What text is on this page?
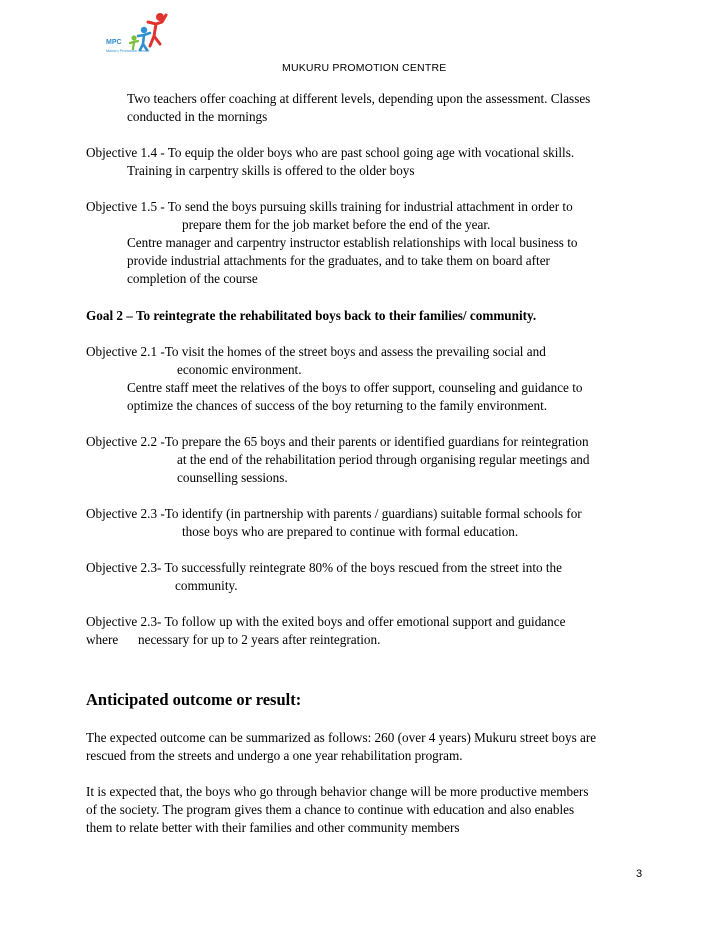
MPC
Mukuru Promotion Centre
MUKURU PROMOTION CENTRE
Two teachers offer coaching at different levels, depending upon the assessment. Classes
conducted in the mornings
Objective 1.4 - To equip the older boys who are past school going age with vocational skills.
Training in carpentry skills is offered to the older boys
Objective 1.5 - To send the boys pursuing skills training for industrial attachment in order to
prepare them for the job market before the end of the year.
Centre manager and carpentry instructor establish relationships with local business to
provide industrial attachments for the graduates, and to take them on board after
completion of the course
Goal 2 – To reintegrate the rehabilitated boys back to their families/ community.
Objective 2.1 -To visit the homes of the street boys and assess the prevailing social and
economic environment.
Centre staff meet the relatives of the boys to offer support, counseling and guidance to
optimize the chances of success of the boy returning to the family environment.
Objective 2.2 -To prepare the 65 boys and their parents or identified guardians for reintegration
at the end of the rehabilitation period through organising regular meetings and
counselling sessions.
Objective 2.3 -To identify (in partnership with parents / guardians) suitable formal schools for
those boys who are prepared to continue with formal education.
Objective 2.3- To successfully reintegrate 80% of the boys rescued from the street into the
community.
Objective 2.3- To follow up with the exited boys and offer emotional support and guidance
where      necessary for up to 2 years after reintegration.
Anticipated outcome or result:
The expected outcome can be summarized as follows: 260 (over 4 years) Mukuru street boys are
rescued from the streets and undergo a one year rehabilitation program.
It is expected that, the boys who go through behavior change will be more productive members
of the society. The program gives them a chance to continue with education and also enables
them to relate better with their families and other community members
3
